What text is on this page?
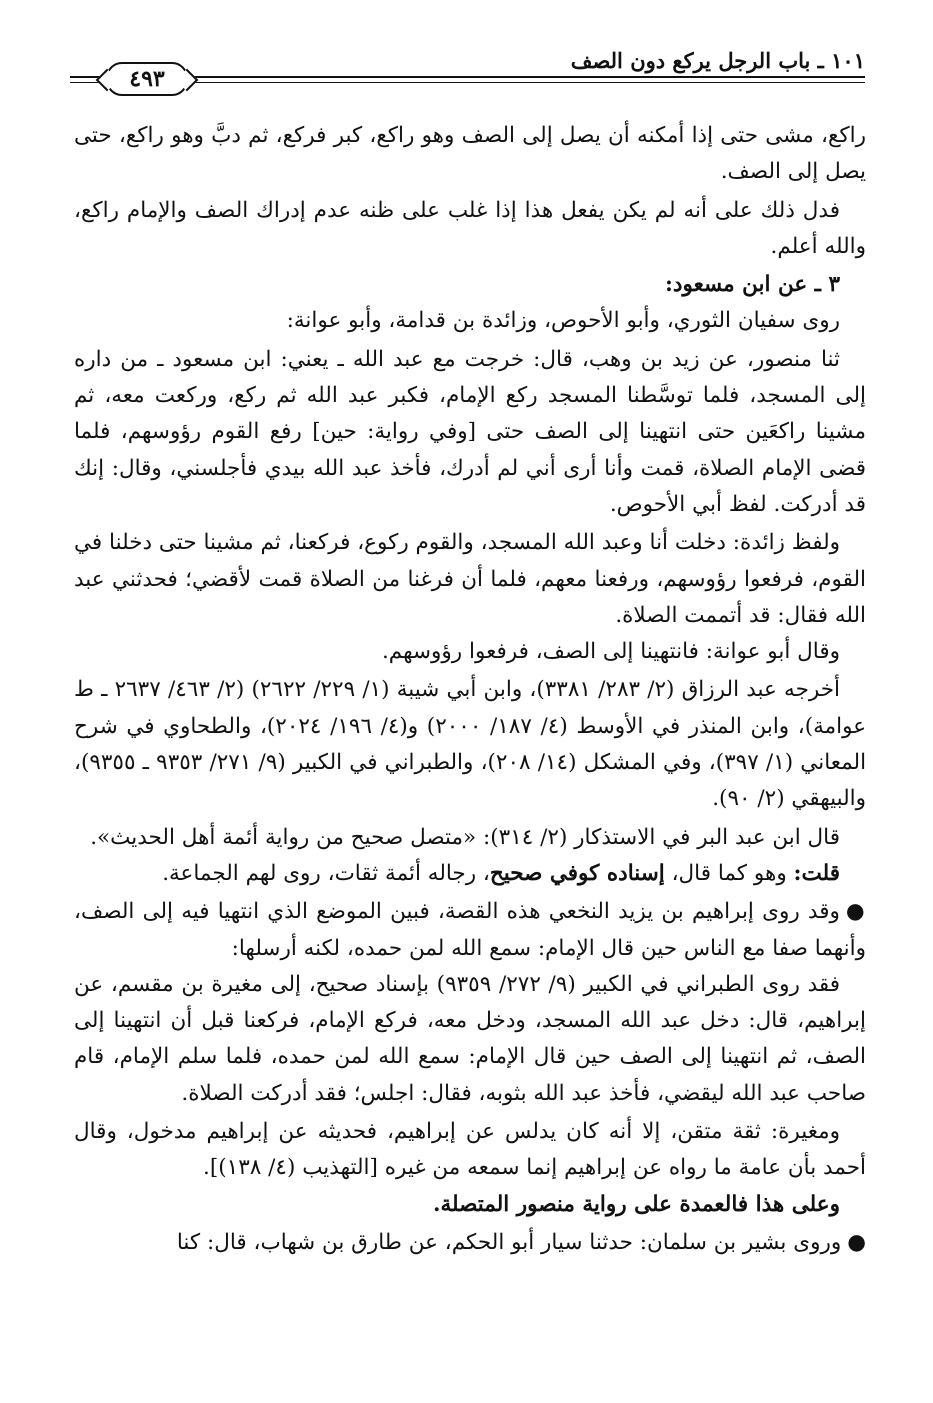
١٠١ ـ باب الرجل يركع دون الصف
٤٩٣

راكع، مشى حتى إذا أمكنه أن يصل إلى الصف وهو راكع، كبر فركع، ثم دبَّ وهو راكع، حتى يصل إلى الصف.

فدل ذلك على أنه لم يكن يفعل هذا إذا غلب على ظنه عدم إدراك الصف والإمام راكع، والله أعلم.

٣ ـ عن ابن مسعود:

روى سفيان الثوري، وأبو الأحوص، وزائدة بن قدامة، وأبو عوانة:

ثنا منصور، عن زيد بن وهب، قال: خرجت مع عبد الله ـ يعني: ابن مسعود ـ من داره إلى المسجد، فلما توسَّطنا المسجد ركع الإمام، فكبر عبد الله ثم ركع، وركعت معه، ثم مشينا راكعَين حتى انتهينا إلى الصف حتى [وفي رواية: حين] رفع القوم رؤوسهم، فلما قضى الإمام الصلاة، قمت وأنا أرى أني لم أدرك، فأخذ عبد الله بيدي فأجلسني، وقال: إنك قد أدركت. لفظ أبي الأحوص.

ولفظ زائدة: دخلت أنا وعبد الله المسجد، والقوم ركوع، فركعنا، ثم مشينا حتى دخلنا في القوم، فرفعوا رؤوسهم، ورفعنا معهم، فلما أن فرغنا من الصلاة قمت لأقضي؛ فحدثني عبد الله فقال: قد أتممت الصلاة.

وقال أبو عوانة: فانتهينا إلى الصف، فرفعوا رؤوسهم.

أخرجه عبد الرزاق (٢/ ٢٨٣/ ٣٣٨١)، وابن أبي شيبة (١/ ٢٢٩/ ٢٦٢٢) (٢/ ٤٦٣/ ٢٦٣٧ ـ ط عوامة)، وابن المنذر في الأوسط (٤/ ١٨٧/ ٢٠٠٠) و(٤/ ١٩٦/ ٢٠٢٤)، والطحاوي في شرح المعاني (١/ ٣٩٧)، وفي المشكل (١٤/ ٢٠٨)، والطبراني في الكبير (٩/ ٢٧١/ ٩٣٥٣ ـ ٩٣٥٥)، والبيهقي (٢/ ٩٠).

قال ابن عبد البر في الاستذكار (٢/ ٣١٤): «متصل صحيح من رواية أئمة أهل الحديث».

قلت: وهو كما قال، إسناده كوفي صحيح، رجاله أئمة ثقات، روى لهم الجماعة.

●وقد روى إبراهيم بن يزيد النخعي هذه القصة، فبين الموضع الذي انتهيا فيه إلى الصف، وأنهما صفا مع الناس حين قال الإمام: سمع الله لمن حمده، لكنه أرسلها:

فقد روى الطبراني في الكبير (٩/ ٢٧٢/ ٩٣٥٩) بإسناد صحيح، إلى مغيرة بن مقسم، عن إبراهيم، قال: دخل عبد الله المسجد، ودخل معه، فركع الإمام، فركعنا قبل أن انتهينا إلى الصف، ثم انتهينا إلى الصف حين قال الإمام: سمع الله لمن حمده، فلما سلم الإمام، قام صاحب عبد الله ليقضي، فأخذ عبد الله بثوبه، فقال: اجلس؛ فقد أدركت الصلاة.

ومغيرة: ثقة متقن، إلا أنه كان يدلس عن إبراهيم، فحديثه عن إبراهيم مدخول، وقال أحمد بأن عامة ما رواه عن إبراهيم إنما سمعه من غيره [التهذيب (٤/ ١٣٨)].

وعلى هذا فالعمدة على رواية منصور المتصلة.

●وروى بشير بن سلمان: حدثنا سيار أبو الحكم، عن طارق بن شهاب، قال: كنا
